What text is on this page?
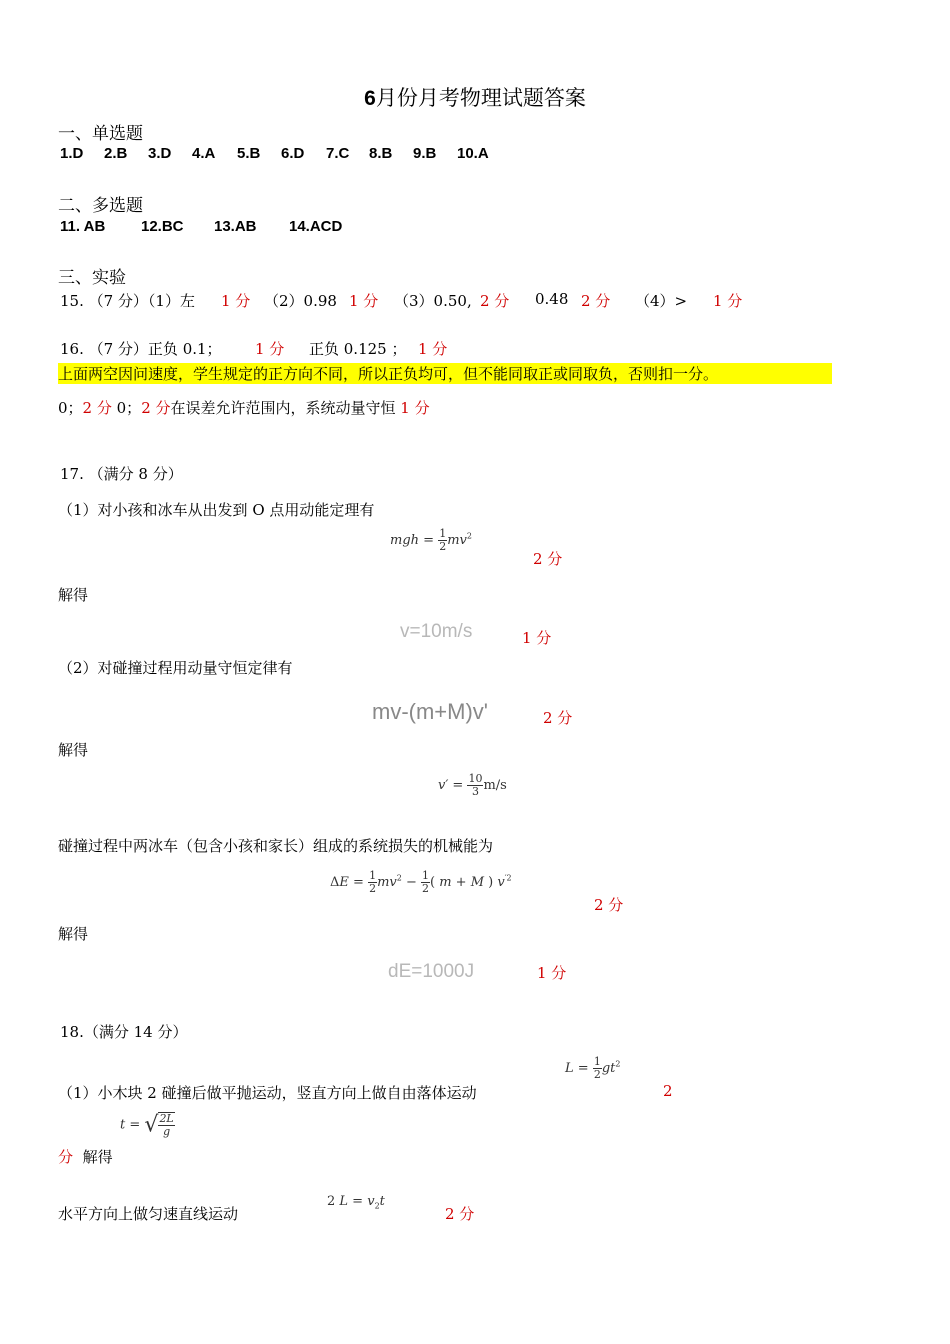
6月份月考物理试题答案
一、单选题
1.D 2.B 3.D 4.A 5.B 6.D 7.C 8.B 9.B 10.A
二、多选题
11. AB 12.BC 13.AB 14.ACD
三、实验
15. （7 分）（1）左 1 分 （2）0.98 1 分 （3）0.50, 2 分 0.48 2 分 （4）> 1 分
16. （7 分）正负 0.1； 1 分 正负 0.125 ； 1 分
上面两空因问速度，学生规定的正方向不同，所以正负均可，但不能同取正或同取负，否则扣一分。
0；2 分 0；2 分在误差允许范围内，系统动量守恒 1 分
17. （满分 8 分）
（1）对小孩和冰车从出发到 O 点用动能定理有
mgh = $\frac{1}{2} mv^2$
2 分
解得
v=10m/s	1 分
（2）对碰撞过程用动量守恒定律有
mv-(m+M)v'	2 分
解得
$v' = \frac{10}{3} m/s$
碰撞过程中两冰车（包含小孩和家长）组成的系统损失的机械能为
$\Delta E = \frac{1}{2} mv^2 - \frac{1}{2}$ ( m + M ) $v^{'2}$
2 分
解得
dE=1000J	1 分
18.（满分 14 分）
$L = \frac{1}{2} gt^2$
（1）小木块 2 碰撞后做平抛运动，竖直方向上做自由落体运动	2
t = √ $\frac{2L}{g}$
分 解得
2 $L = v_2t$
水平方向上做匀速直线运动	2 分
